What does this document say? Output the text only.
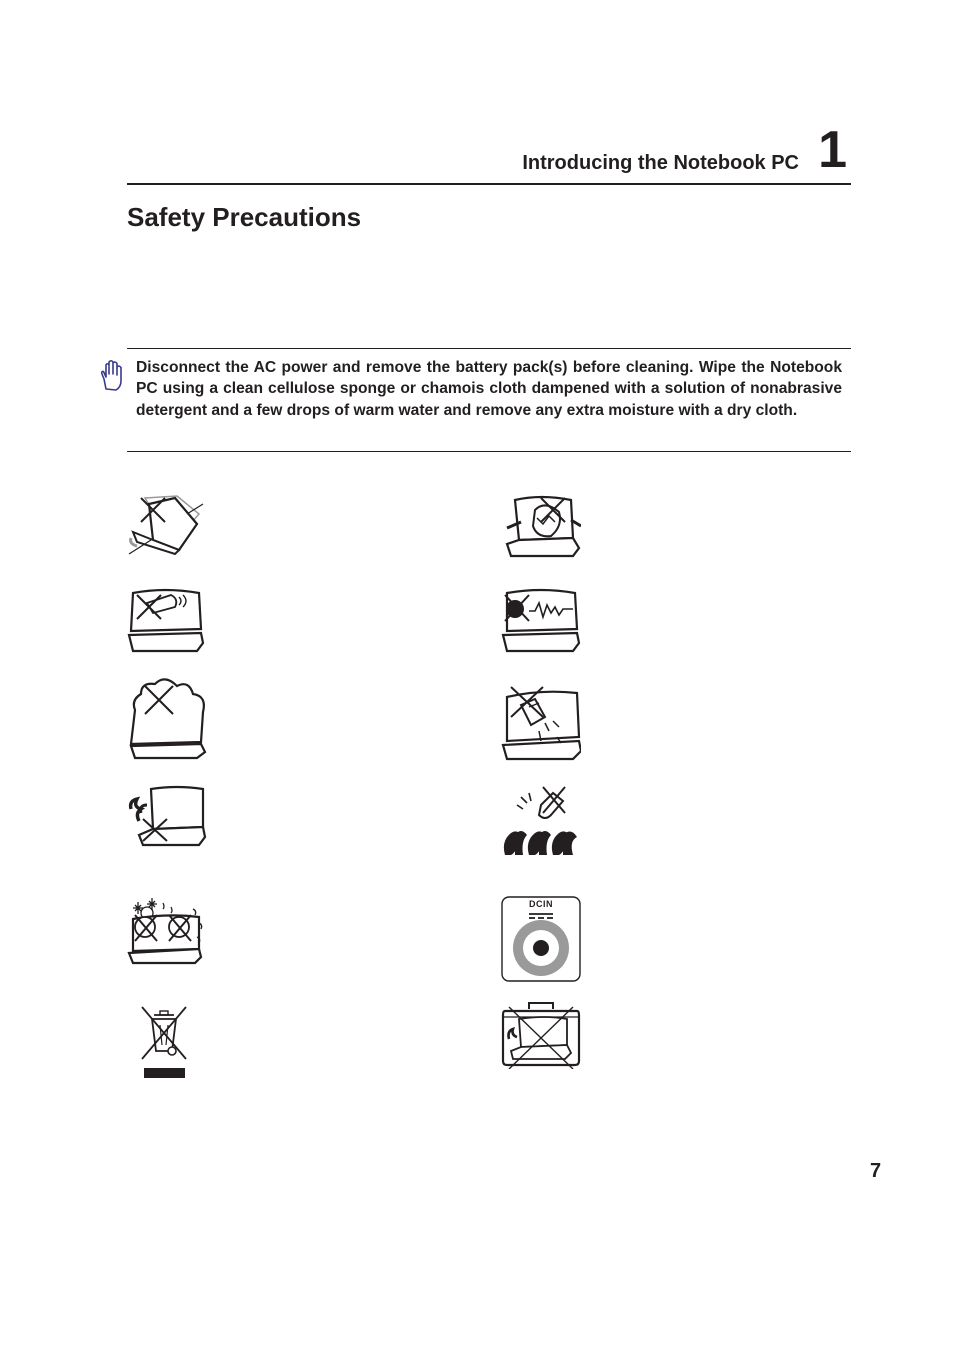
Introducing the Notebook PC 1
Safety Precautions

Disconnect the AC power and remove the battery pack(s) before cleaning. Wipe the Notebook PC using a clean cellulose sponge or chamois cloth dampened with a solution of nonabrasive detergent and a few drops of warm water and remove any extra moisture with a dry cloth.

DCIN
7
